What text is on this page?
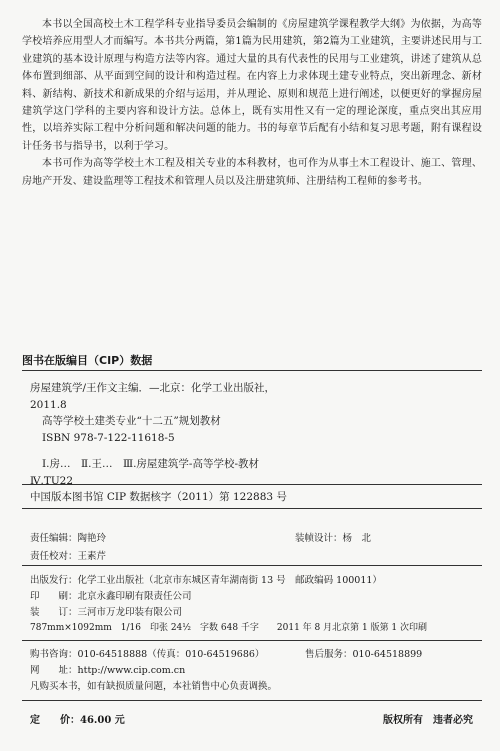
本书以全国高校土木工程学科专业指导委员会编制的《房屋建筑学课程教学大纲》为依据，为高等学校培养应用型人才而编写。本书共分两篇，第1篇为民用建筑，第2篇为工业建筑，主要讲述民用与工业建筑的基本设计原理与构造方法等内容。通过大量的具有代表性的民用与工业建筑，讲述了建筑从总体布置到细部、从平面到空间的设计和构造过程。在内容上力求体现土建专业特点，突出新理念、新材料、新结构、新技术和新成果的介绍与运用，并从理论、原则和规范上进行阐述，以便更好的掌握房屋建筑学这门学科的主要内容和设计方法。总体上，既有实用性又有一定的理论深度，重点突出其应用性，以培养实际工程中分析问题和解决问题的能力。书的每章节后配有小结和复习思考题，附有课程设计任务书与指导书，以利于学习。

本书可作为高等学校土木工程及相关专业的本科教材，也可作为从事土木工程设计、施工、管理、房地产开发、建设监理等工程技术和管理人员以及注册建筑师、注册结构工程师的参考书。

图书在版编目（CIP）数据

房屋建筑学/王作文主编．—北京：化学工业出版社，

2011.8

高等学校土建类专业“十二五”规划教材

ISBN 978-7-122-11618-5

Ⅰ.房…　Ⅱ.王…　Ⅲ.房屋建筑学-高等学校-教材

Ⅳ.TU22

中国版本图书馆 CIP 数据核字（2011）第 122883 号
责任编辑：陶艳玲	装帧设计：杨　北
责任校对：王素芹
出版发行：化学工业出版社（北京市东城区青年湖南街 13 号　邮政编码 100011）
印　　刷：北京永鑫印刷有限责任公司
装　　订：三河市万龙印装有限公司
787mm×1092mm　1/16　印张 24½　字数 648 千字　　2011 年 8 月北京第 1 版第 1 次印刷
购书咨询：010-64518888（传真：010-64519686）	售后服务：010-64518899
网　　址：http://www.cip.com.cn
凡购买本书，如有缺损质量问题，本社销售中心负责调换。
定　　价：46.00 元	版权所有　违者必究
